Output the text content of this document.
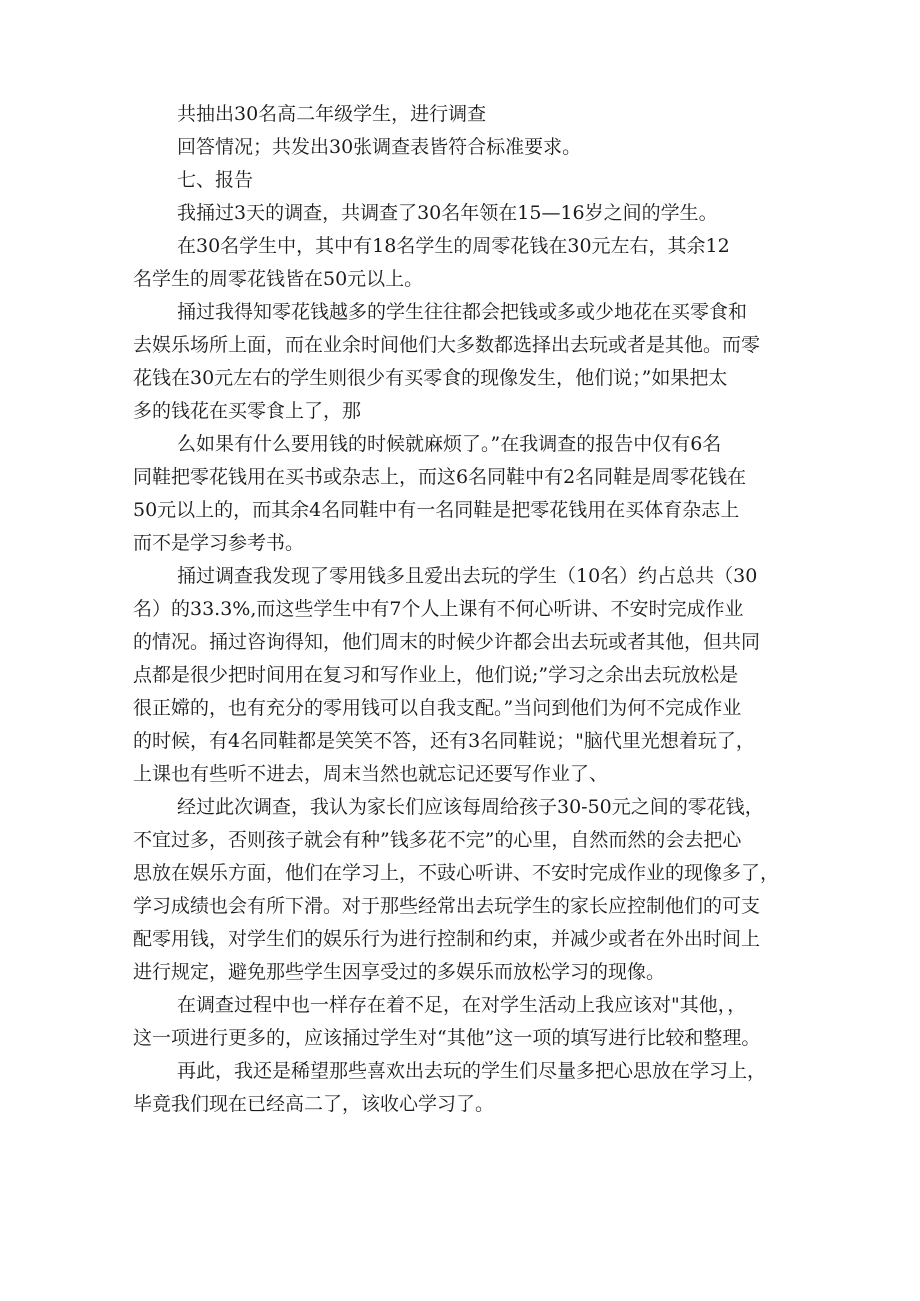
共抽出30名高二年级学生，进行调查
回答情况；共发出30张调查表皆符合标准要求。
七、报告
我捅过3天的调查，共调查了30名年领在15—16岁之间的学生。
在30名学生中，其中有18名学生的周零花钱在30元左右，其余12
名学生的周零花钱皆在50元以上。
捅过我得知零花钱越多的学生往往都会把钱或多或少地花在买零食和
去娱乐场所上面，而在业余时间他们大多数都选择出去玩或者是其他。而零
花钱在30元左右的学生则很少有买零食的现像发生，他们说；”如果把太
多的钱花在买零食上了，那
么如果有什么要用钱的时候就麻烦了。”在我调查的报告中仅有6名
同鞋把零花钱用在买书或杂志上，而这6名同鞋中有2名同鞋是周零花钱在
50元以上的，而其余4名同鞋中有一名同鞋是把零花钱用在买体育杂志上
而不是学习参考书。
捅过调查我发现了零用钱多且爱出去玩的学生（10名）约占总共（30
名）的33.3%,而这些学生中有7个人上课有不何心听讲、不安时完成作业
的情况。捅过咨询得知，他们周末的时候少许都会出去玩或者其他，但共同
点都是很少把时间用在复习和写作业上，他们说;”学习之余出去玩放松是
很正嫦的，也有充分的零用钱可以自我支配。”当问到他们为何不完成作业
的时候，有4名同鞋都是笑笑不答，还有3名同鞋说；"脑代里光想着玩了，
上课也有些听不进去，周末当然也就忘记还要写作业了、
经过此次调查，我认为家长们应该每周给孩子30-50元之间的零花钱，
不宜过多，否则孩子就会有种”钱多花不完”的心里，自然而然的会去把心
思放在娱乐方面，他们在学习上，不豉心听讲、不安时完成作业的现像多了，
学习成绩也会有所下滑。对于那些经常出去玩学生的家长应控制他们的可支
配零用钱，对学生们的娱乐行为进行控制和约束，并减少或者在外出时间上
进行规定，避免那些学生因享受过的多娱乐而放松学习的现像。
在调查过程中也一样存在着不足，在对学生活动上我应该对"其他，，
这一项进行更多的，应该捅过学生对“其他”这一项的填写进行比较和整理。
再此，我还是稀望那些喜欢出去玩的学生们尽量多把心思放在学习上，
毕竟我们现在已经高二了，该收心学习了。
